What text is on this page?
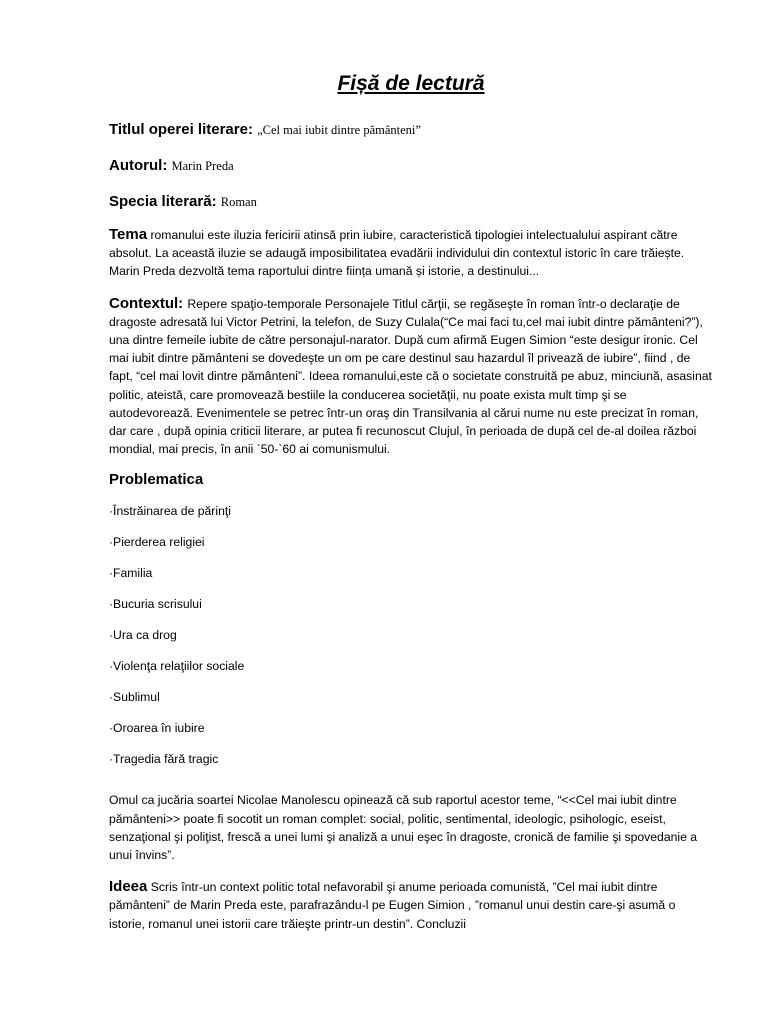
Fișă de lectură
Titlul operei literare: „Cel mai iubit dintre pământeni”
Autorul: Marin Preda
Specia literară: Roman

Tema romanului este iluzia fericirii atinsă prin iubire, caracteristică tipologiei intelectualului aspirant către absolut. La această iluzie se adaugă imposibilitatea evadării individului din contextul istoric în care trăiește. Marin Preda dezvoltă tema raportului dintre ființa umană și istorie, a destinului...

Contextul: Repere spaţio-temporale Personajele Titlul cărţii, se regăseşte în roman într-o declaraţie de dragoste adresată lui Victor Petrini, la telefon, de Suzy Culala(“Ce mai faci tu,cel mai iubit dintre pământeni?”), una dintre femeile iubite de către personajul-narator. După cum afirmă Eugen Simion “este desigur ironic. Cel mai iubit dintre pământeni se dovedeşte un om pe care destinul sau hazardul îl privează de iubire”, fiind , de fapt, “cel mai lovit dintre pământeni”. Ideea romanului,este că o societate construită pe abuz, minciună, asasinat politic, ateistă, care promovează bestiile la conducerea societăţii, nu poate exista mult timp şi se autodevorează. Evenimentele se petrec într-un oraş din Transilvania al cărui nume nu este precizat în roman, dar care , după opinia criticii literare, ar putea fi recunoscut Clujul, în perioada de după cel de-al doilea război mondial, mai precis, în anii `50-`60 ai comunismului.

Problematica
·Înstrăinarea de părinţi
·Pierderea religiei
·Familia
·Bucuria scrisului
·Ura ca drog
·Violenţa relaţiilor sociale
·Sublimul
·Oroarea în iubire
·Tragedia fără tragic

Omul ca jucăria soartei Nicolae Manolescu opinează că sub raportul acestor teme, “<<Cel mai iubit dintre pământeni>> poate fi socotit un roman complet: social, politic, sentimental, ideologic, psihologic, eseist, senzaţional şi poliţist, frescă a unei lumi şi analiză a unui eşec în dragoste, cronică de familie şi spovedanie a unui învins”.

Ideea Scris într-un context politic total nefavorabil şi anume perioada comunistă, ”Cel mai iubit dintre pământeni” de Marin Preda este, parafrazându-l pe Eugen Simion , ”romanul unui destin care-şi asumă o istorie, romanul unei istorii care trăieşte printr-un destin”. Concluzii
